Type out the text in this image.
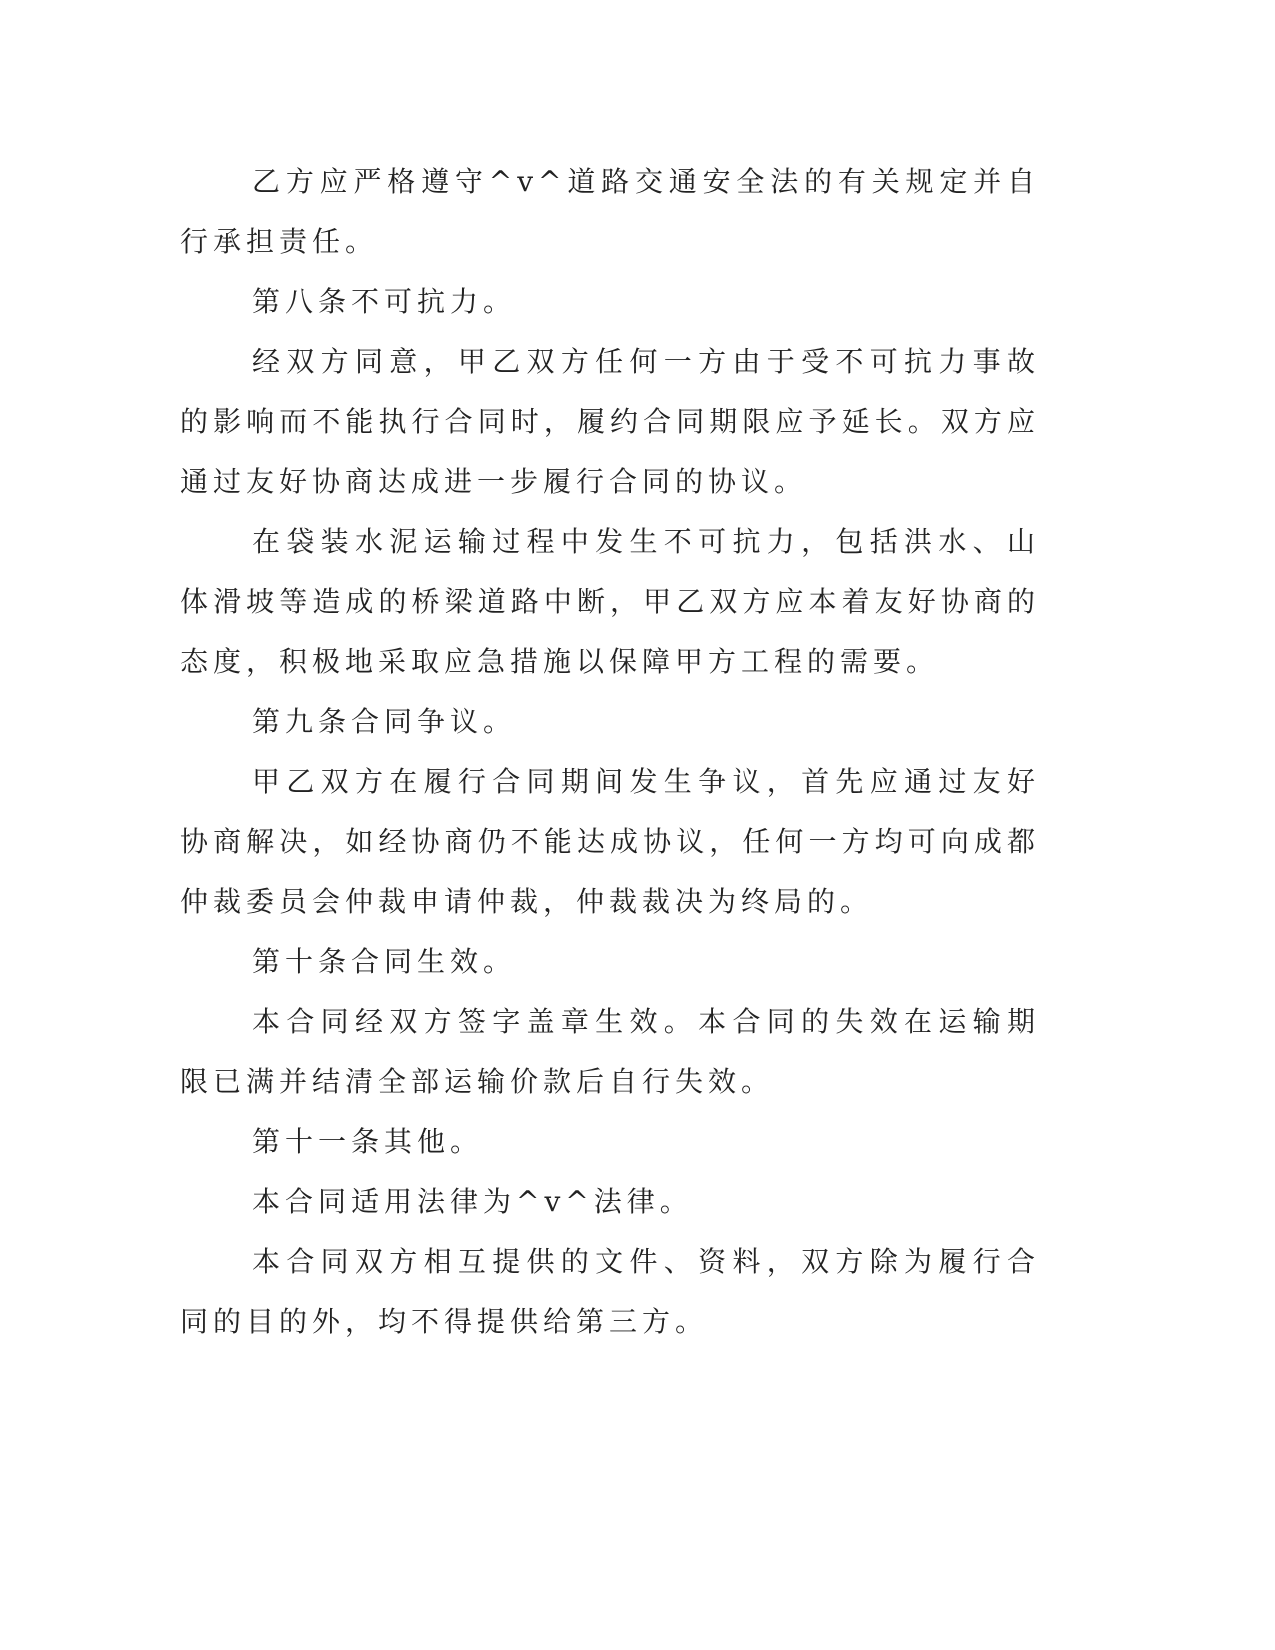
乙方应严格遵守^v^道路交通安全法的有关规定并自行承担责任。

第八条不可抗力。

经双方同意，甲乙双方任何一方由于受不可抗力事故的影响而不能执行合同时，履约合同期限应予延长。双方应通过友好协商达成进一步履行合同的协议。

在袋装水泥运输过程中发生不可抗力，包括洪水、山体滑坡等造成的桥梁道路中断，甲乙双方应本着友好协商的态度，积极地采取应急措施以保障甲方工程的需要。

第九条合同争议。

甲乙双方在履行合同期间发生争议，首先应通过友好协商解决，如经协商仍不能达成协议，任何一方均可向成都仲裁委员会仲裁申请仲裁，仲裁裁决为终局的。

第十条合同生效。

本合同经双方签字盖章生效。本合同的失效在运输期限已满并结清全部运输价款后自行失效。

第十一条其他。

本合同适用法律为^v^法律。

本合同双方相互提供的文件、资料，双方除为履行合同的目的外，均不得提供给第三方。
